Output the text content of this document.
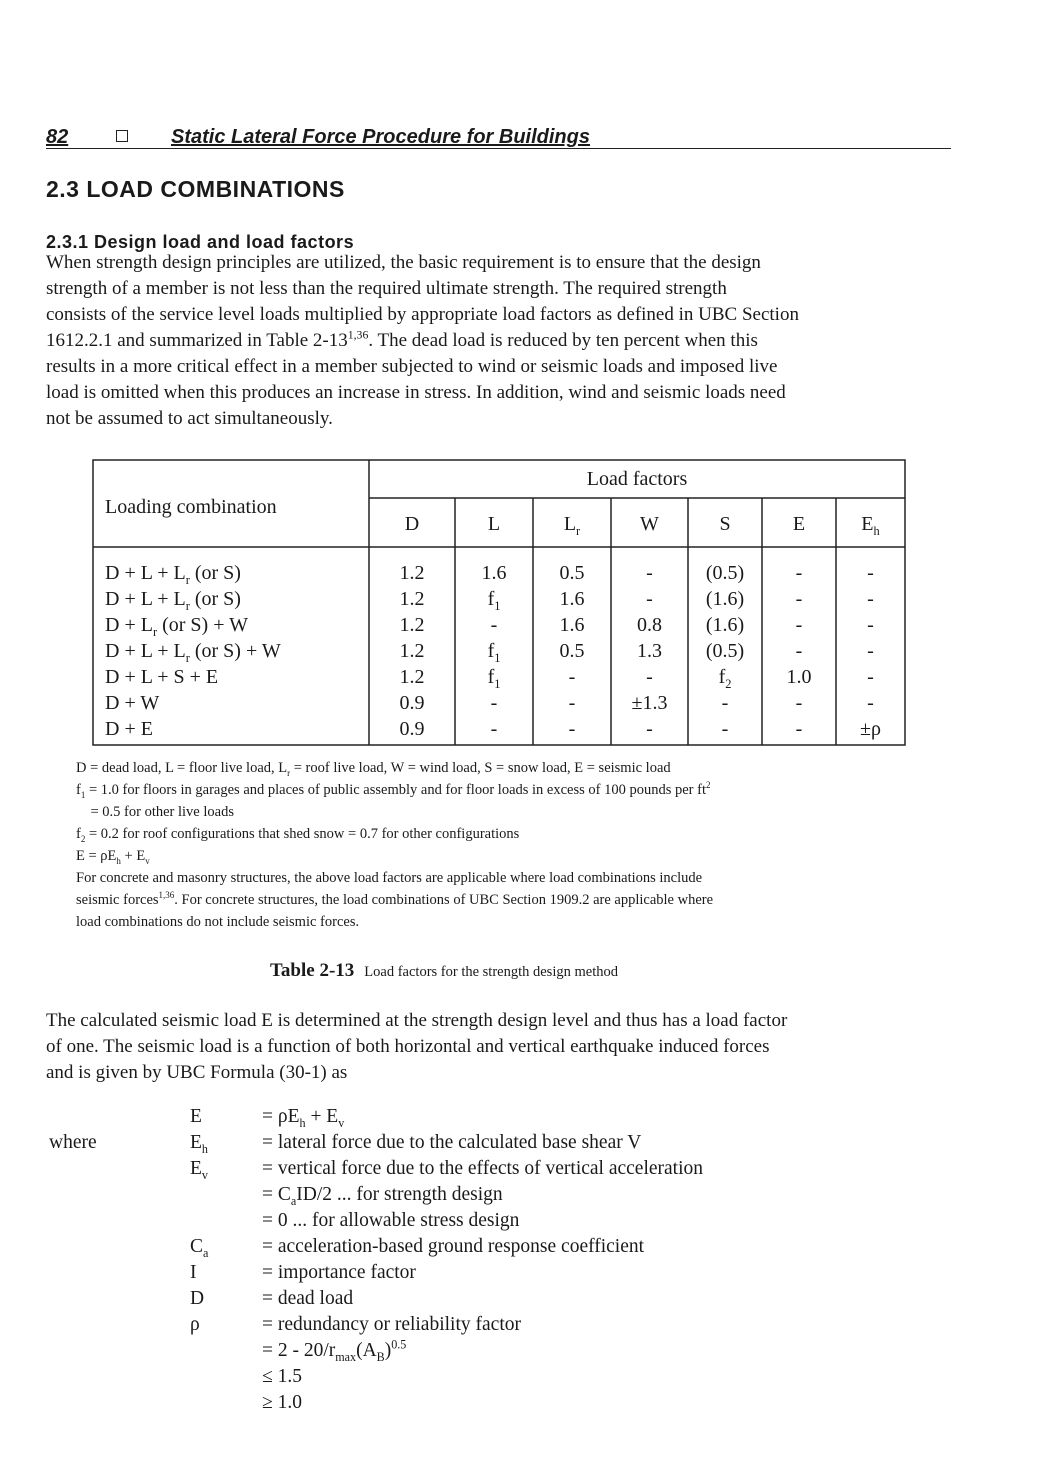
82	Static Lateral Force Procedure for Buildings
2.3 LOAD COMBINATIONS
2.3.1 Design load and load factors
When strength design principles are utilized, the basic requirement is to ensure that the design
strength of a member is not less than the required ultimate strength. The required strength
consists of the service level loads multiplied by appropriate load factors as defined in UBC Section
1612.2.1 and summarized in Table 2-13$^{1,36}$. The dead load is reduced by ten percent when this
results in a more critical effect in a member subjected to wind or seismic loads and imposed live
load is omitted when this produces an increase in stress. In addition, wind and seismic loads need
not be assumed to act simultaneously.
Loading combination
Load factors
D	L	$L_r$	W	S	E	$E_h$
$D + L + L_r$ (or S)	1.2	1.6	0.5	-	(0.5)	-	-
$D + L + L_r$ (or S)	1.2	$f_1$	1.6	-	(1.6)	-	-
$D + L_r$ (or S) + W	1.2	-	1.6	0.8	(1.6)	-	-
$D + L + L_r$ (or S) + W	1.2	$f_1$	0.5	1.3	(0.5)	-	-
D + L + S + E	1.2	$f_1$	-	-	$f_2$	1.0	-
D + W	0.9	-	-	±1.3	-	-	-
D + E	0.9	-	-	-	-	-	±ρ
D = dead load, L = floor live load, $L_r$ = roof live load, W = wind load, S = snow load, E = seismic load
$f_1 = 1.0$ for floors in garages and places of public assembly and for floor loads in excess of 100 pounds per $ft^2$
= 0.5 for other live loads
$f_2 = 0.2$ for roof configurations that shed snow = 0.7 for other configurations
$E = \rho E_h + E_v$
For concrete and masonry structures, the above load factors are applicable where load combinations include
seismic forces$^{1,36}$. For concrete structures, the load combinations of UBC Section 1909.2 are applicable where
load combinations do not include seismic forces.
Table 2-13 Load factors for the strength design method
The calculated seismic load E is determined at the strength design level and thus has a load factor
of one. The seismic load is a function of both horizontal and vertical earthquake induced forces
and is given by UBC Formula (30-1) as
where
E	= $\rho E_h + E_v$
$E_h$	= lateral force due to the calculated base shear V
$E_v$	= vertical force due to the effects of vertical acceleration
= $C_aID/2$ ... for strength design
= 0 ... for allowable stress design
$C_a$	= acceleration-based ground response coefficient
I	= importance factor
D	= dead load
ρ	= redundancy or reliability factor
= $2 - 20/r_{max}(A_B)^{0.5}$
≤ 1.5
≥ 1.0
